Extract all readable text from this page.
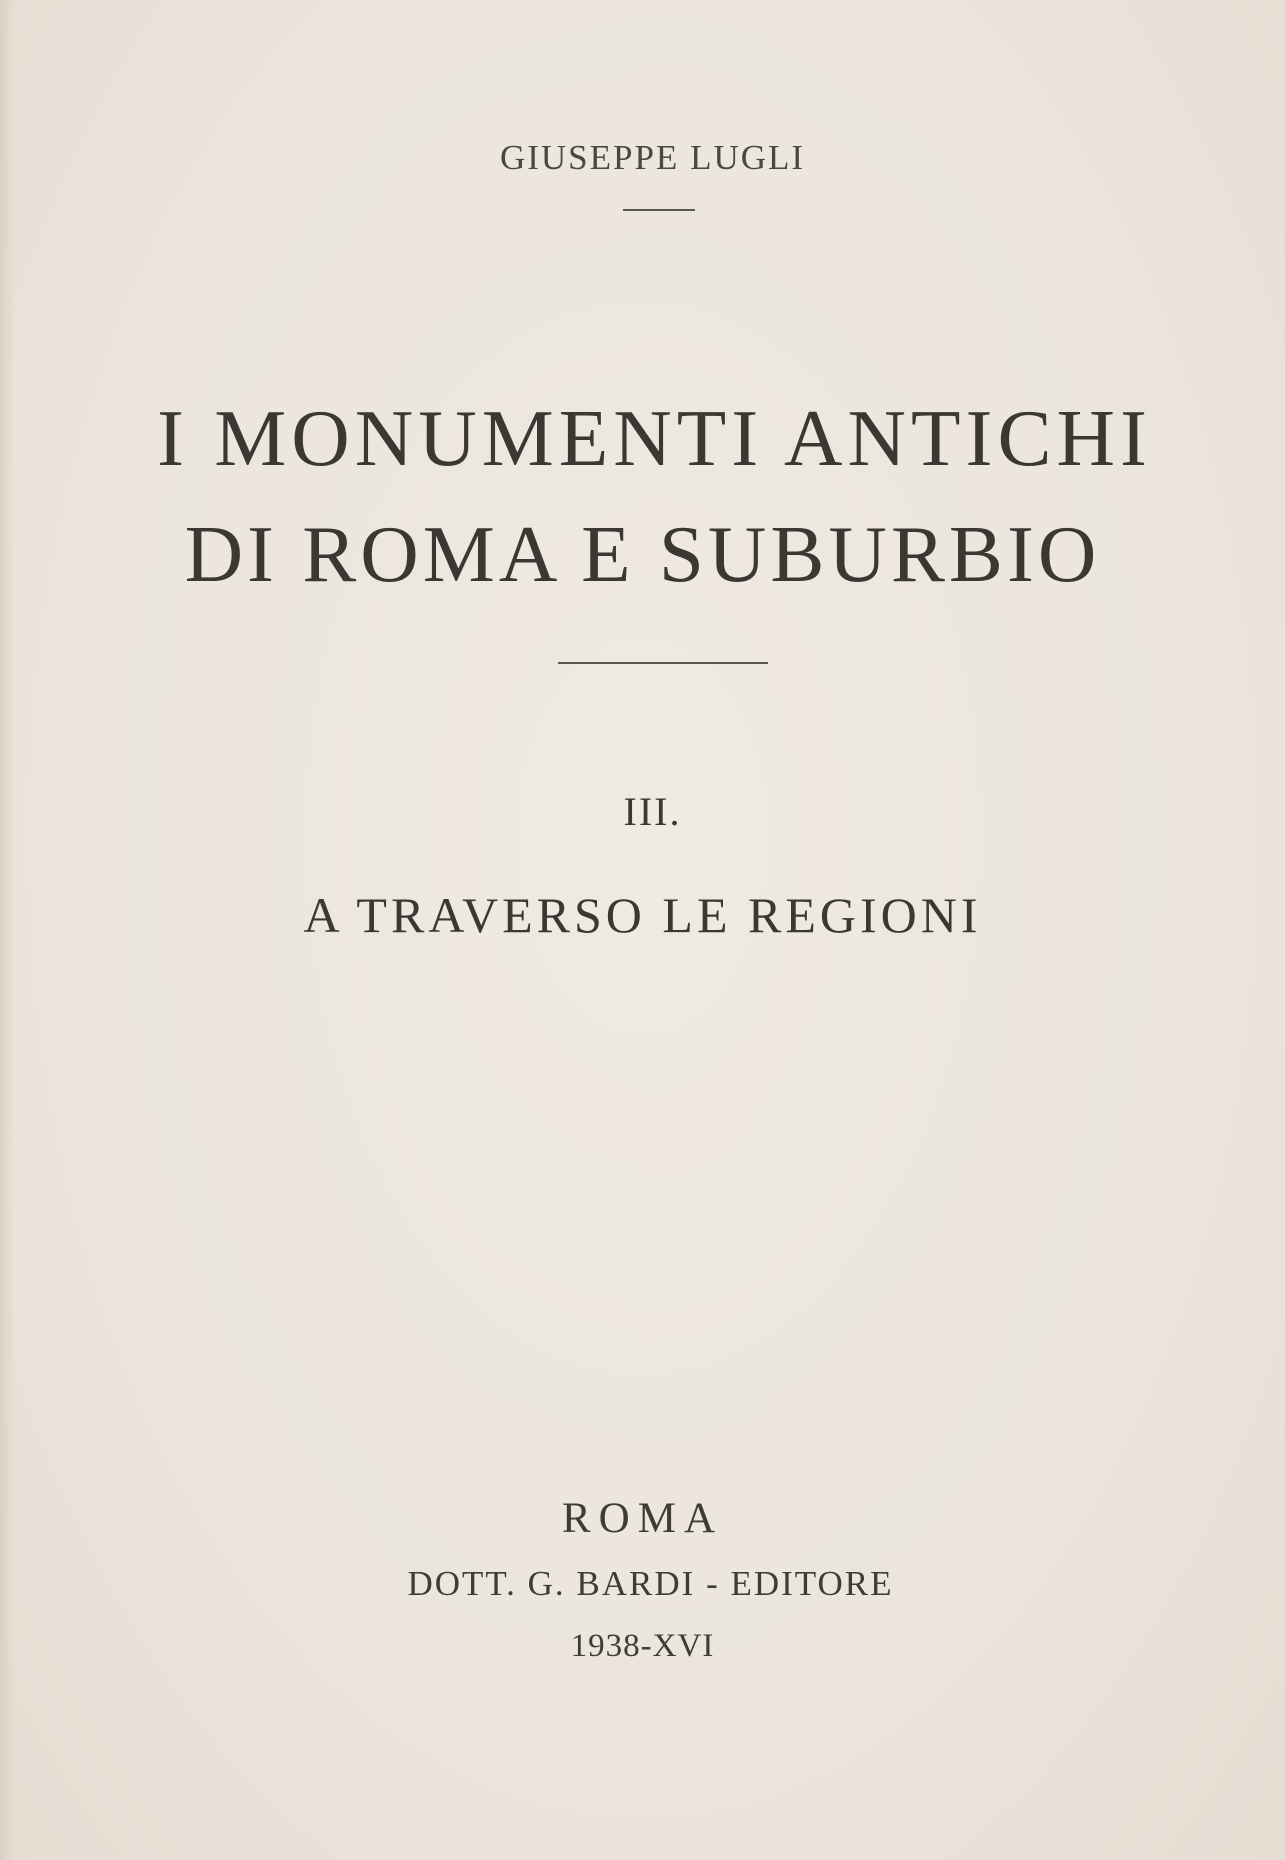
GIUSEPPE LUGLI
I MONUMENTI ANTICHI
DI ROMA E SUBURBIO
III.
A TRAVERSO LE REGIONI
ROMA
DOTT. G. BARDI - EDITORE
1938-XVI
